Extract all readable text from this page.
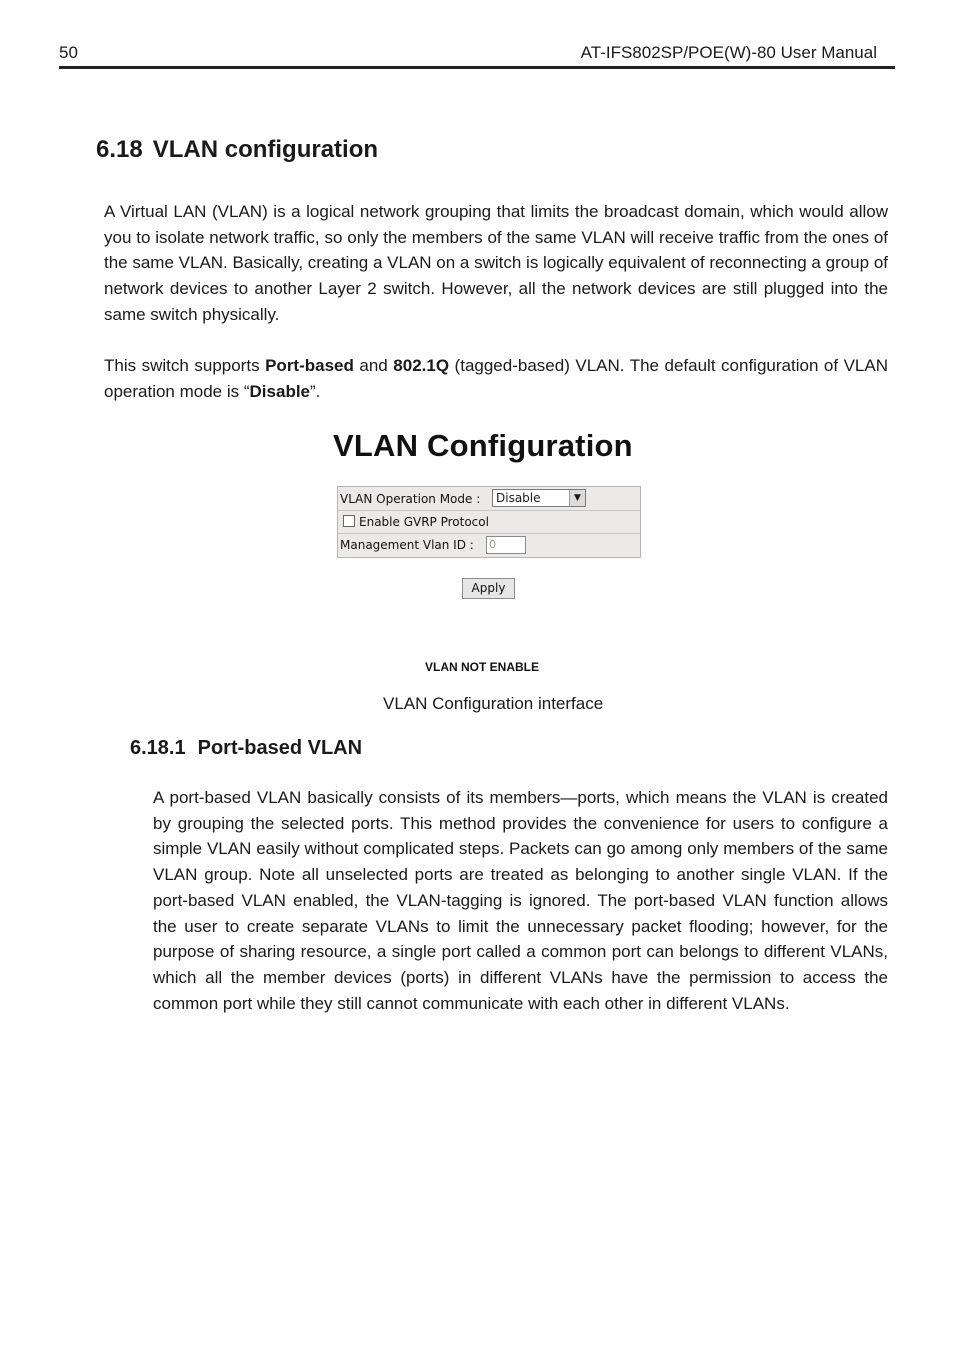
50	AT-IFS802SP/POE(W)-80 User Manual
6.18 VLAN configuration

A Virtual LAN (VLAN) is a logical network grouping that limits the broadcast domain, which would allow you to isolate network traffic, so only the members of the same VLAN will receive traffic from the ones of the same VLAN. Basically, creating a VLAN on a switch is logically equivalent of reconnecting a group of network devices to another Layer 2 switch. However, all the network devices are still plugged into the same switch physically.

This switch supports Port-based and 802.1Q (tagged-based) VLAN. The default configuration of VLAN operation mode is “Disable”.

VLAN Configuration
VLAN Operation Mode : Disable	▼
Enable GVRP Protocol
Management Vlan ID : 0
Apply
VLAN NOT ENABLE
VLAN Configuration interface
6.18.1 Port-based VLAN

A port-based VLAN basically consists of its members—ports, which means the VLAN is created by grouping the selected ports. This method provides the convenience for users to configure a simple VLAN easily without complicated steps. Packets can go among only members of the same VLAN group. Note all unselected ports are treated as belonging to another single VLAN. If the port-based VLAN enabled, the VLAN-tagging is ignored. The port-based VLAN function allows the user to create separate VLANs to limit the unnecessary packet flooding; however, for the purpose of sharing resource, a single port called a common port can belongs to different VLANs, which all the member devices (ports) in different VLANs have the permission to access the common port while they still cannot communicate with each other in different VLANs.
